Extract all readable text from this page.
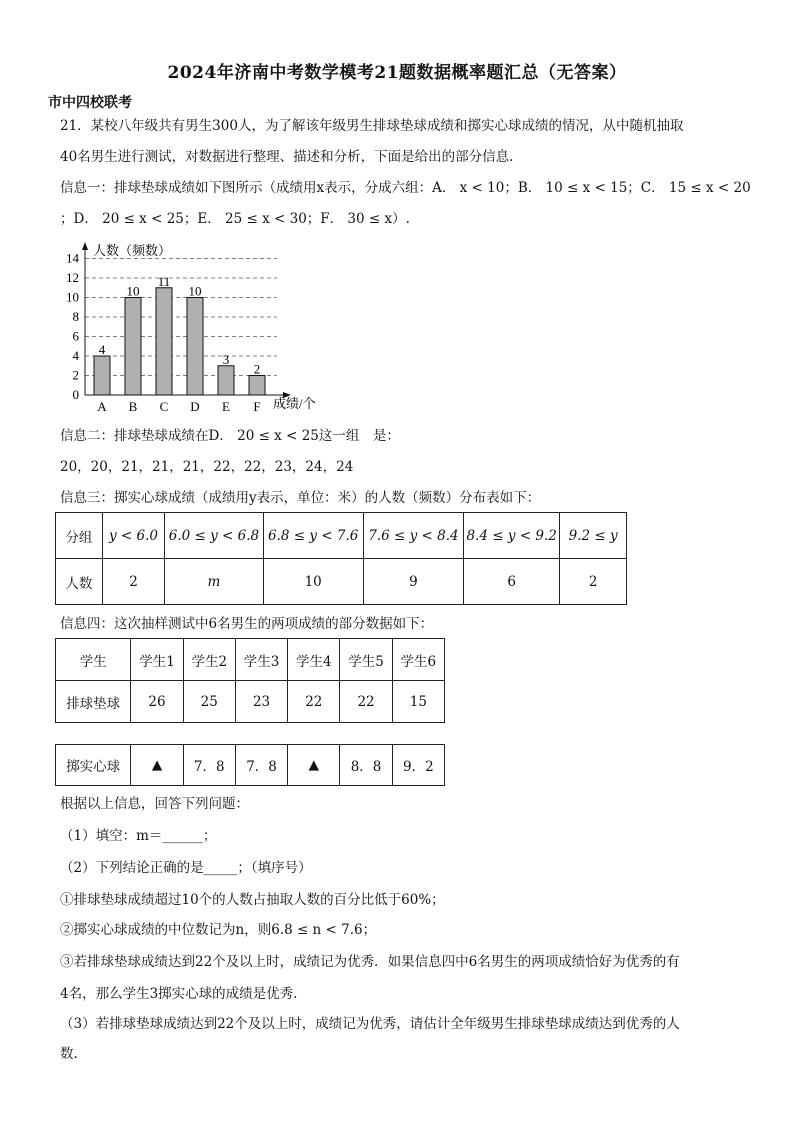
2024年济南中考数学模考21题数据概率题汇总（无答案）
市中四校联考
21．某校八年级共有男生300人，为了解该年级男生排球垫球成绩和掷实心球成绩的情况，从中随机抽取
40名男生进行测试，对数据进行整理、描述和分析，下面是给出的部分信息.
信息一：排球垫球成绩如下图所示（成绩用x表示，分成六组：A． x < 10；B． 10 ≤ x < 15；C． 15 ≤ x < 20
；D． 20 ≤ x < 25；E． 25 ≤ x < 30；F． 30 ≤ x）.
人数（频数）
成绩/个
0
2
4
6
8
10
12
14
4
A
10
B
11
C
10
D
3
E
2
F
信息二：排球垫球成绩在D． 20 ≤ x < 25这一组　是：
20，20，21，21，21，22，22，23，24，24
信息三：掷实心球成绩（成绩用y表示，单位：米）的人数（频数）分布表如下：
分组	y < 6.0	6.0 ≤ y < 6.8	6.8 ≤ y < 7.6	7.6 ≤ y < 8.4	8.4 ≤ y < 9.2	9.2 ≤ y
人数	2	m	10	9	6	2
信息四：这次抽样测试中6名男生的两项成绩的部分数据如下：
学生	学生1	学生2	学生3	学生4	学生5	学生6
排球垫球	26	25	23	22	22	15
掷实心球	▲	7．8	7．8	▲	8．8	9．2
根据以上信息，回答下列问题：
（1）填空：m＝______；
（2）下列结论正确的是_____；（填序号）
①排球垫球成绩超过10个的人数占抽取人数的百分比低于60%；
②掷实心球成绩的中位数记为n，则6.8 ≤ n < 7.6；
③若排球垫球成绩达到22个及以上时，成绩记为优秀．如果信息四中6名男生的两项成绩恰好为优秀的有
4名，那么学生3掷实心球的成绩是优秀.
（3）若排球垫球成绩达到22个及以上时，成绩记为优秀，请估计全年级男生排球垫球成绩达到优秀的人
数.
